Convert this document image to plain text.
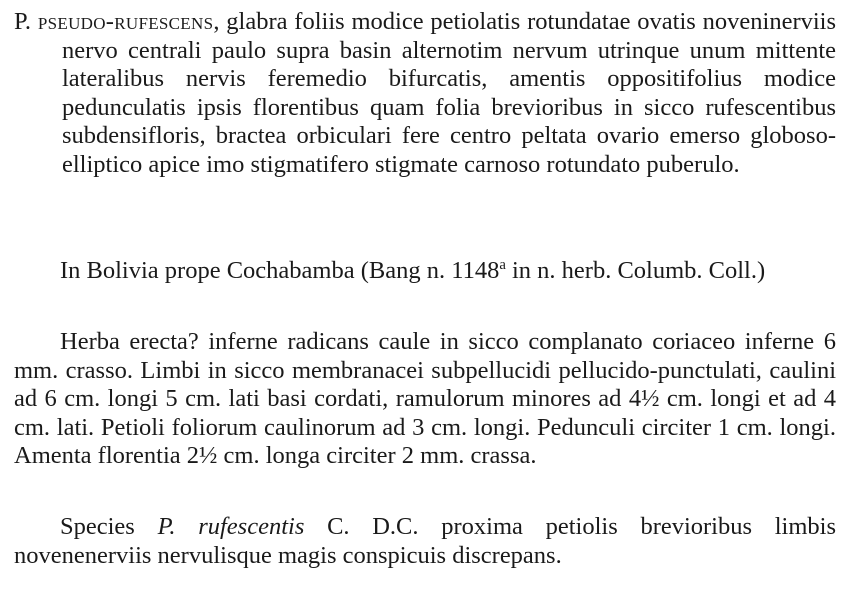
P. pseudo-rufescens, glabra foliis modice petiolatis rotundatae ovatis noveninerviis nervo centrali paulo supra basin alternotim nervum utrinque unum mittente lateralibus nervis feremedio bifurcatis, amentis oppositifolius modice pedunculatis ipsis florentibus quam folia brevioribus in sicco rufescentibus subdensifloris, bractea orbiculari fere centro peltata ovario emerso globoso-elliptico apice imo stigmatifero stigmate carnoso rotundato puberulo.

In Bolivia prope Cochabamba (Bang n. 1148$^a$ in n. herb. Columb. Coll.)

Herba erecta? inferne radicans caule in sicco complanato coriaceo inferne 6 mm. crasso. Limbi in sicco membranacei subpellucidi pellucido-punctulati, caulini ad 6 cm. longi 5 cm. lati basi cordati, ramulorum minores ad 4½ cm. longi et ad 4 cm. lati. Petioli foliorum caulinorum ad 3 cm. longi. Pedunculi circiter 1 cm. longi. Amenta florentia 2½ cm. longa circiter 2 mm. crassa.

Species P. rufescentis C. D.C. proxima petiolis brevioribus limbis novenenerviis nervulisque magis conspicuis discrepans.
